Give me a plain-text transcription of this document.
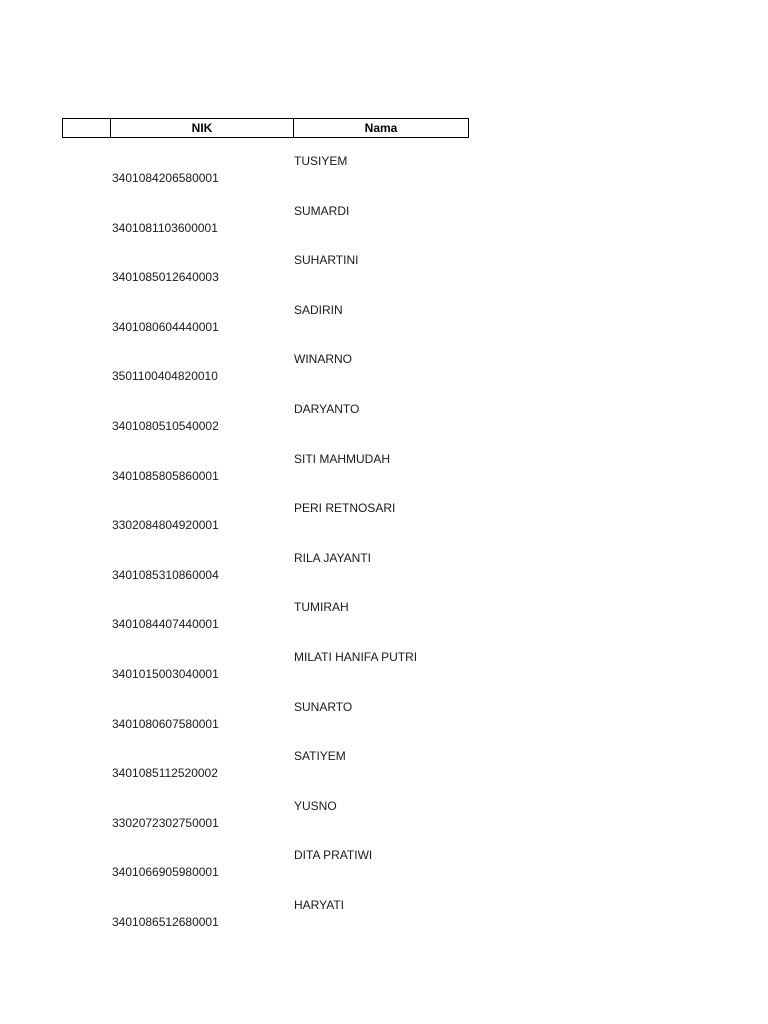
NIK	Nama
TUSIYEM
3401084206580001
SUMARDI
3401081103600001
SUHARTINI
3401085012640003
SADIRIN
3401080604440001
WINARNO
3501100404820010
DARYANTO
3401080510540002
SITI MAHMUDAH
3401085805860001
PERI RETNOSARI
3302084804920001
RILA JAYANTI
3401085310860004
TUMIRAH
3401084407440001
MILATI HANIFA PUTRI
3401015003040001
SUNARTO
3401080607580001
SATIYEM
3401085112520002
YUSNO
3302072302750001
DITA PRATIWI
3401066905980001
HARYATI
3401086512680001
